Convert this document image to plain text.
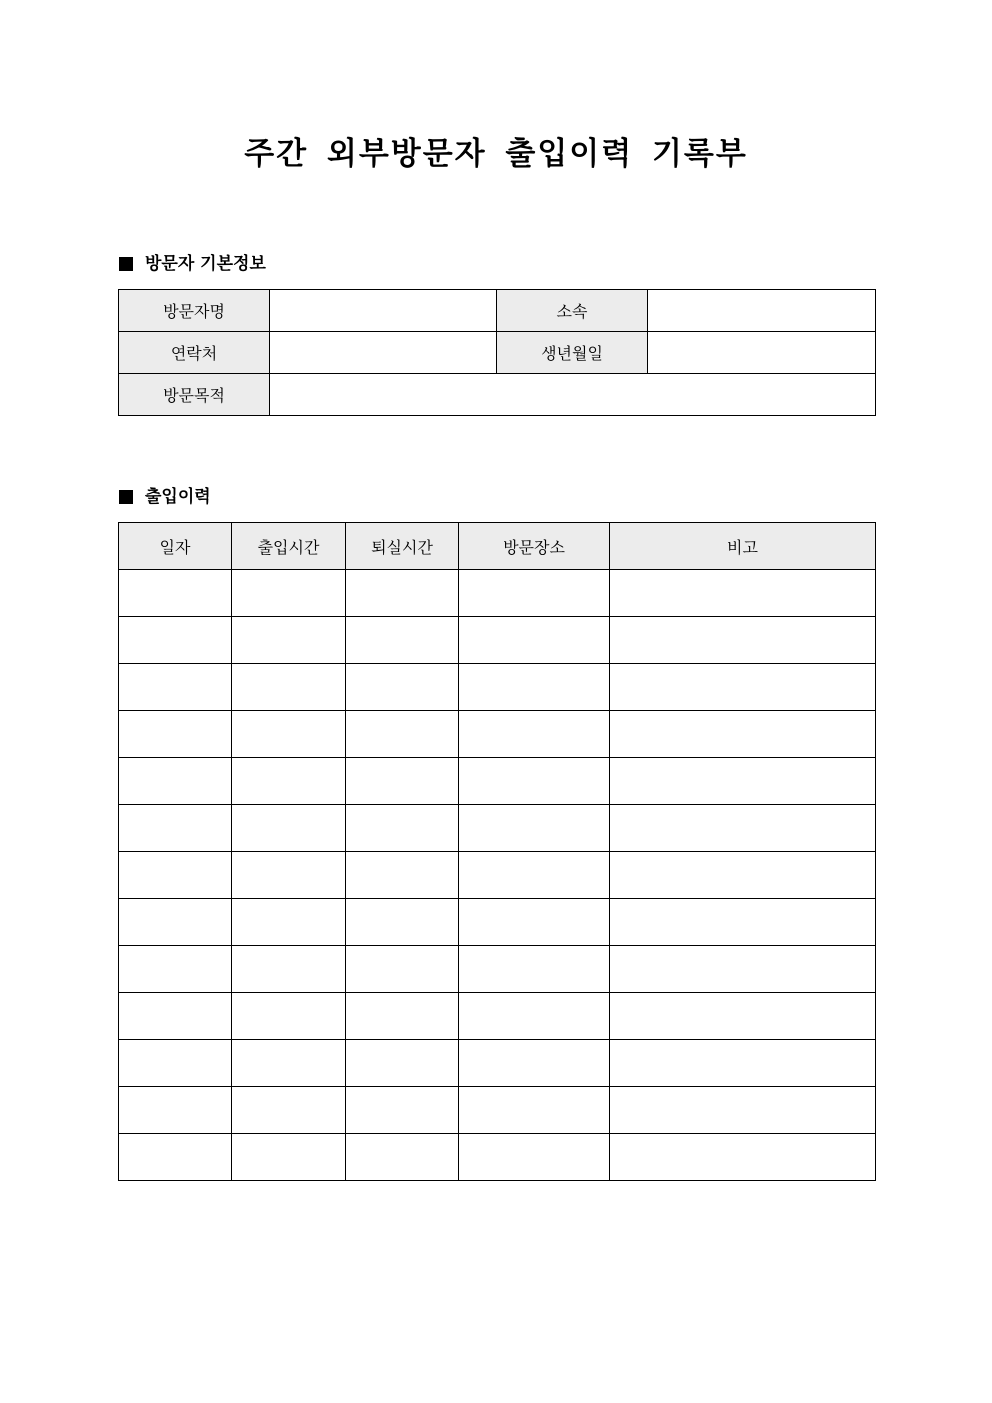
주간 외부방문자 출입이력 기록부
방문자 기본정보
방문자명		소속	
연락처		생년월일	
방문목적			
출입이력
일자	출입시간	퇴실시간	방문장소	비고
